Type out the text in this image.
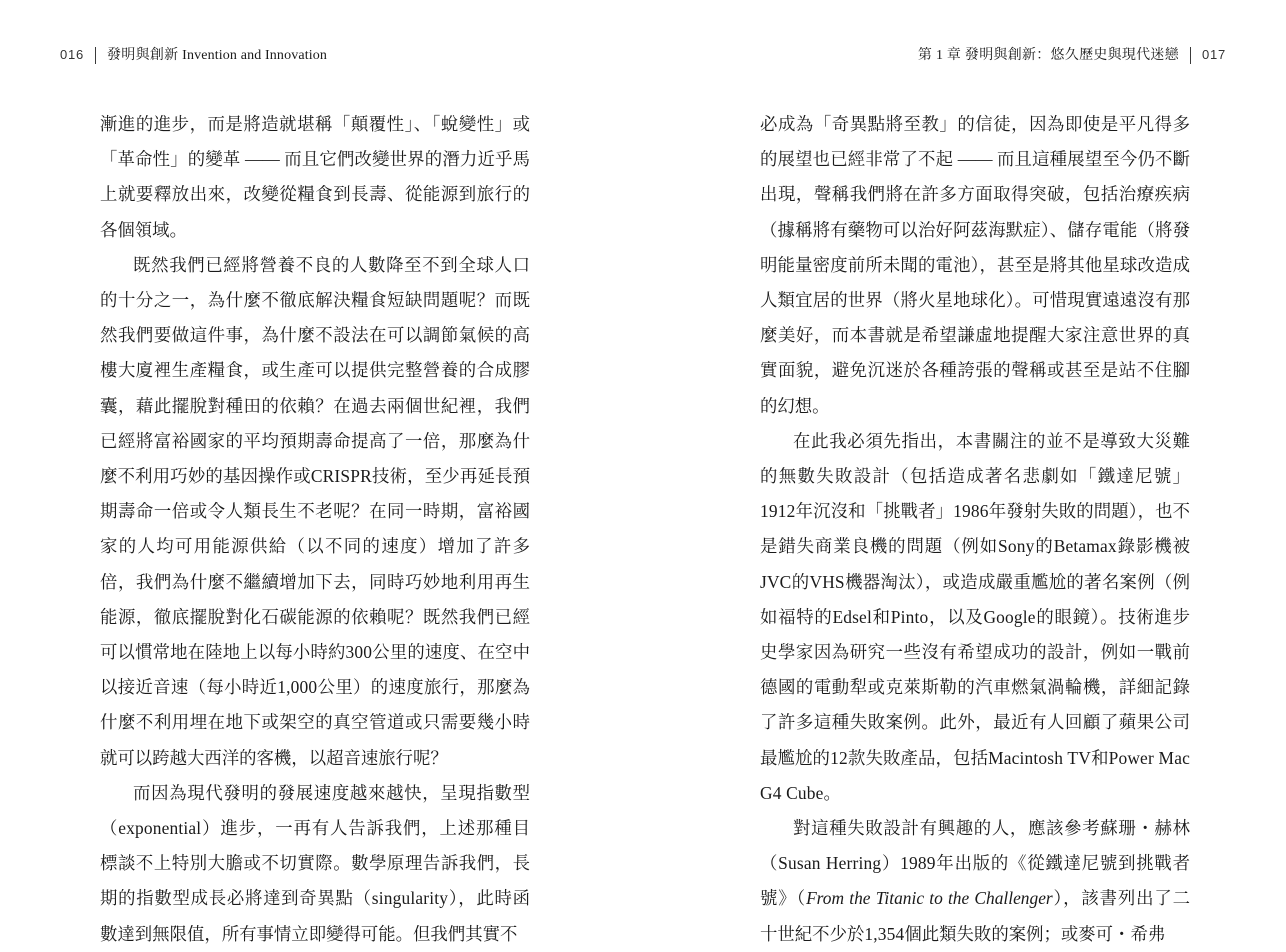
016 發明與創新 Invention and Innovation

漸進的進步，而是將造就堪稱「顛覆性」、「蛻變性」或「革命性」的變革 —— 而且它們改變世界的潛力近乎馬上就要釋放出來，改變從糧食到長壽、從能源到旅行的各個領域。

既然我們已經將營養不良的人數降至不到全球人口的十分之一，為什麼不徹底解決糧食短缺問題呢？而既然我們要做這件事，為什麼不設法在可以調節氣候的高樓大廈裡生產糧食，或生產可以提供完整營養的合成膠囊，藉此擺脫對種田的依賴？在過去兩個世紀裡，我們已經將富裕國家的平均預期壽命提高了一倍，那麼為什麼不利用巧妙的基因操作或CRISPR技術，至少再延長預期壽命一倍或令人類長生不老呢？在同一時期，富裕國家的人均可用能源供給（以不同的速度）增加了許多倍，我們為什麼不繼續增加下去，同時巧妙地利用再生能源，徹底擺脫對化石碳能源的依賴呢？既然我們已經可以慣常地在陸地上以每小時約300公里的速度、在空中以接近音速（每小時近1,000公里）的速度旅行，那麼為什麼不利用埋在地下或架空的真空管道或只需要幾小時就可以跨越大西洋的客機，以超音速旅行呢？

而因為現代發明的發展速度越來越快，呈現指數型（exponential）進步，一再有人告訴我們，上述那種目標談不上特別大膽或不切實際。數學原理告訴我們，長期的指數型成長必將達到奇異點（singularity），此時函數達到無限值，所有事情立即變得可能。但我們其實不

第 1 章 發明與創新：悠久歷史與現代迷戀 017

必成為「奇異點將至教」的信徒，因為即使是平凡得多的展望也已經非常了不起 —— 而且這種展望至今仍不斷出現，聲稱我們將在許多方面取得突破，包括治療疾病（據稱將有藥物可以治好阿茲海默症）、儲存電能（將發明能量密度前所未聞的電池），甚至是將其他星球改造成人類宜居的世界（將火星地球化）。可惜現實遠遠沒有那麼美好，而本書就是希望謙虛地提醒大家注意世界的真實面貌，避免沉迷於各種誇張的聲稱或甚至是站不住腳的幻想。

在此我必須先指出，本書關注的並不是導致大災難的無數失敗設計（包括造成著名悲劇如「鐵達尼號」1912年沉沒和「挑戰者」1986年發射失敗的問題），也不是錯失商業良機的問題（例如Sony的Betamax錄影機被JVC的VHS機器淘汰），或造成嚴重尷尬的著名案例（例如福特的Edsel和Pinto，以及Google的眼鏡）。技術進步史學家因為研究一些沒有希望成功的設計，例如一戰前德國的電動犁或克萊斯勒的汽車燃氣渦輪機，詳細記錄了許多這種失敗案例。此外，最近有人回顧了蘋果公司最尷尬的12款失敗產品，包括Macintosh TV和Power Mac G4 Cube。

對這種失敗設計有興趣的人，應該參考蘇珊・赫林（Susan Herring）1989年出版的《從鐵達尼號到挑戰者號》（From the Titanic to the Challenger），該書列出了二十世紀不少於1,354個此類失敗的案例；或麥可・希弗
